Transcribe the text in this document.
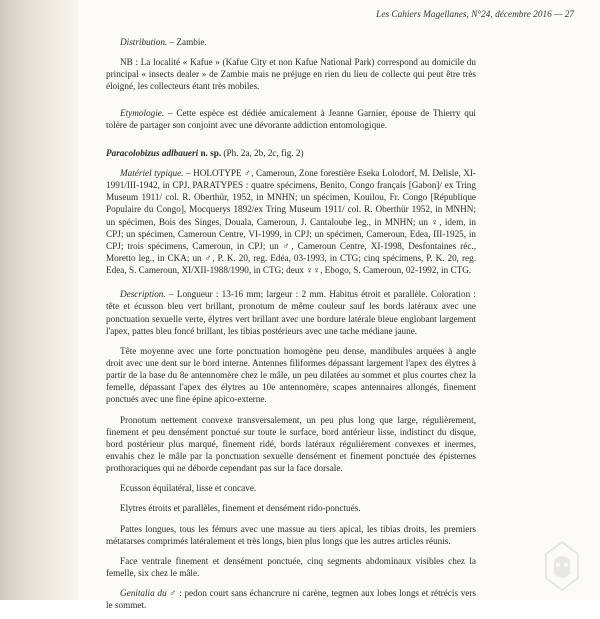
Les Cahiers Magellanes, N°24, décembre 2016 — 27

Distribution. – Zambie.

NB : La localité « Kafue » (Kafue City et non Kafue National Park) correspond au domicile du principal « insects dealer » de Zambie mais ne préjuge en rien du lieu de collecte qui peut être très éloigné, les collecteurs étant très mobiles.

Etymologie. – Cette espèce est dédiée amicalement à Jeanne Garnier, épouse de Thierry qui tolère de partager son conjoint avec une dévorante addiction entomologique.

Paracolobizus adlbaueri n. sp. (Ph. 2a, 2b, 2c, fig. 2)

Matériel typique. – HOLOTYPE ♂, Cameroun, Zone forestière Eseka Lolodorf, M. Delisle, XI-1991/III-1942, in CPJ. PARATYPES : quatre spécimens, Benito, Congo français [Gabon]/ ex Tring Museum 1911/ col. R. Oberthür, 1952, in MNHN; un spécimen, Kouilou, Fr. Congo [République Populaire du Congo], Mocquerys 1892/ex Tring Museum 1911/ col. R. Oberthür 1952, in MNHN; un spécimen, Bois des Singes, Douala, Cameroun, J. Cantaloube leg., in MNHN; un ♀, idem, in CPJ; un spécimen, Cameroun Centre, VI-1999, in CPJ; un spécimen, Cameroun, Edea, III-1925, in CPJ; trois spécimens, Cameroun, in CPJ; un ♂, Cameroun Centre, XI-1998, Desfontaines réc., Moretto leg., in CKA; un ♂, P. K. 20, reg. Edéa, 03-1993, in CTG; cinq spécimens, P. K. 20, reg. Edea, S. Cameroun, XI/XII-1988/1990, in CTG; deux ♀♀, Ebogo, S. Cameroun, 02-1992, in CTG.

Description. – Longueur : 13-16 mm; largeur : 2 mm. Habitus étroit et parallèle. Coloration : tête et écusson bleu vert brillant, pronotum de même couleur sauf les bords latéraux avec une ponctuation sexuelle verte, élytres vert brillant avec une bordure latérale bleue englobant largement l'apex, pattes bleu foncé brillant, les tibias postérieurs avec une tache médiane jaune.

Tête moyenne avec une forte ponctuation homogène peu dense, mandibules arquées à angle droit avec une dent sur le bord interne. Antennes filiformes dépassant largement l'apex des élytres à partir de la base du 8e antennomère chez le mâle, un peu dilatées au sommet et plus courtes chez la femelle, dépassant l'apex des élytres au 10e antennomère, scapes antennaires allongés, finement ponctués avec une fine épine apico-externe.

Pronotum nettement convexe transversalement, un peu plus long que large, régulièrement, finement et peu densément ponctué sur toute le surface, bord antérieur lisse, indistinct du disque, bord postérieur plus marqué, finement ridé, bords latéraux régulièrement convexes et inermes, envahis chez le mâle par la ponctuation sexuelle densément et finement ponctuée des épisternes prothoraciques qui ne déborde cependant pas sur la face dorsale.

Ecusson équilatéral, lisse et concave.

Elytres étroits et parallèles, finement et densément rido-ponctués.

Pattes longues, tous les fémurs avec une massue au tiers apical, les tibias droits, les premiers métatarses comprimés latéralement et très longs, bien plus longs que les autres articles réunis.

Face ventrale finement et densément ponctuée, cinq segments abdominaux visibles chez la femelle, six chez le mâle.

Genitalia du ♂ : pedon court sans échancrure ni carène, tegmen aux lobes longs et rétrécis vers le sommet.
